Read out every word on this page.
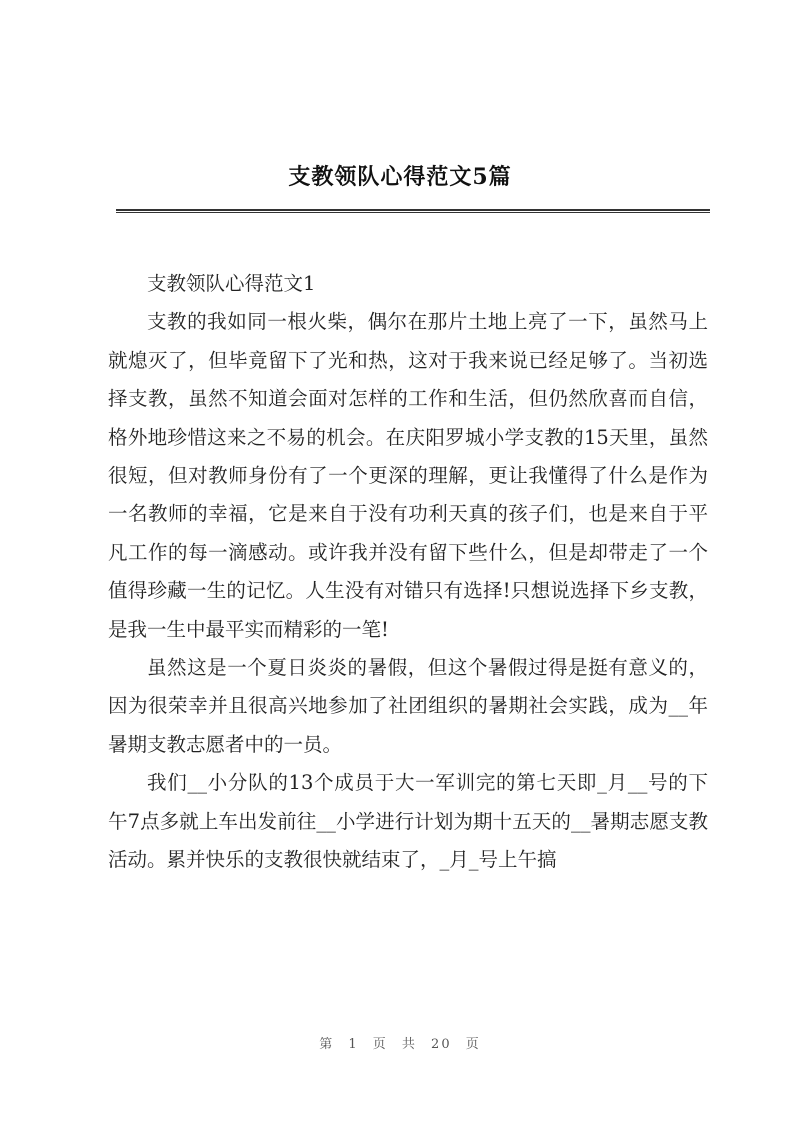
支教领队心得范文5篇

支教领队心得范文1

支教的我如同一根火柴，偶尔在那片土地上亮了一下，虽然马上就熄灭了，但毕竟留下了光和热，这对于我来说已经足够了。当初选择支教，虽然不知道会面对怎样的工作和生活，但仍然欣喜而自信，格外地珍惜这来之不易的机会。在庆阳罗城小学支教的15天里，虽然很短，但对教师身份有了一个更深的理解，更让我懂得了什么是作为一名教师的幸福，它是来自于没有功利天真的孩子们，也是来自于平凡工作的每一滴感动。或许我并没有留下些什么，但是却带走了一个值得珍藏一生的记忆。人生没有对错只有选择!只想说选择下乡支教，是我一生中最平实而精彩的一笔!

虽然这是一个夏日炎炎的暑假，但这个暑假过得是挺有意义的，因为很荣幸并且很高兴地参加了社团组织的暑期社会实践，成为__年暑期支教志愿者中的一员。

我们__小分队的13个成员于大一军训完的第七天即_月__号的下午7点多就上车出发前往__小学进行计划为期十五天的__暑期志愿支教活动。累并快乐的支教很快就结束了，_月_号上午搞

第 1 页 共 20 页
